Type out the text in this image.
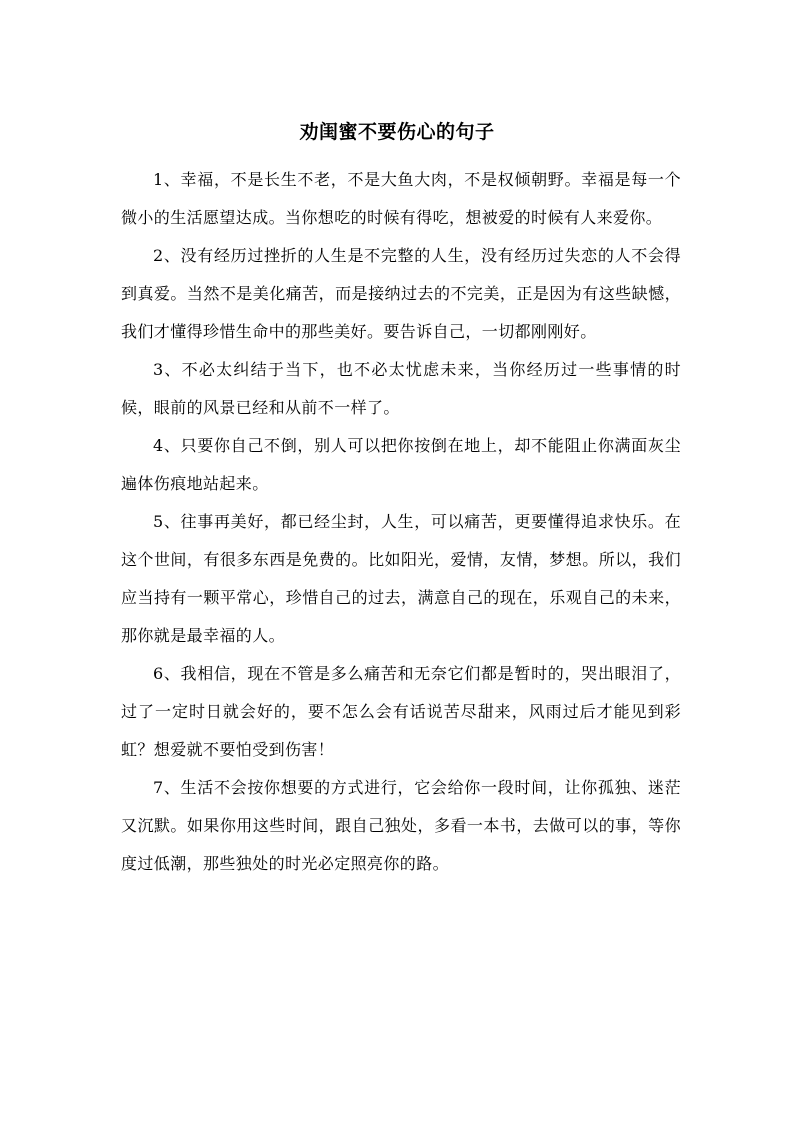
劝闺蜜不要伤心的句子

1、幸福，不是长生不老，不是大鱼大肉，不是权倾朝野。幸福是每一个微小的生活愿望达成。当你想吃的时候有得吃，想被爱的时候有人来爱你。

2、没有经历过挫折的人生是不完整的人生，没有经历过失恋的人不会得到真爱。当然不是美化痛苦，而是接纳过去的不完美，正是因为有这些缺憾，我们才懂得珍惜生命中的那些美好。要告诉自己，一切都刚刚好。

3、不必太纠结于当下，也不必太忧虑未来，当你经历过一些事情的时候，眼前的风景已经和从前不一样了。

4、只要你自己不倒，别人可以把你按倒在地上，却不能阻止你满面灰尘遍体伤痕地站起来。

5、往事再美好，都已经尘封，人生，可以痛苦，更要懂得追求快乐。在这个世间，有很多东西是免费的。比如阳光，爱情，友情，梦想。所以，我们应当持有一颗平常心，珍惜自己的过去，满意自己的现在，乐观自己的未来，那你就是最幸福的人。

6、我相信，现在不管是多么痛苦和无奈它们都是暂时的，哭出眼泪了，过了一定时日就会好的，要不怎么会有话说苦尽甜来，风雨过后才能见到彩虹？想爱就不要怕受到伤害！

7、生活不会按你想要的方式进行，它会给你一段时间，让你孤独、迷茫又沉默。如果你用这些时间，跟自己独处，多看一本书，去做可以的事，等你度过低潮，那些独处的时光必定照亮你的路。
